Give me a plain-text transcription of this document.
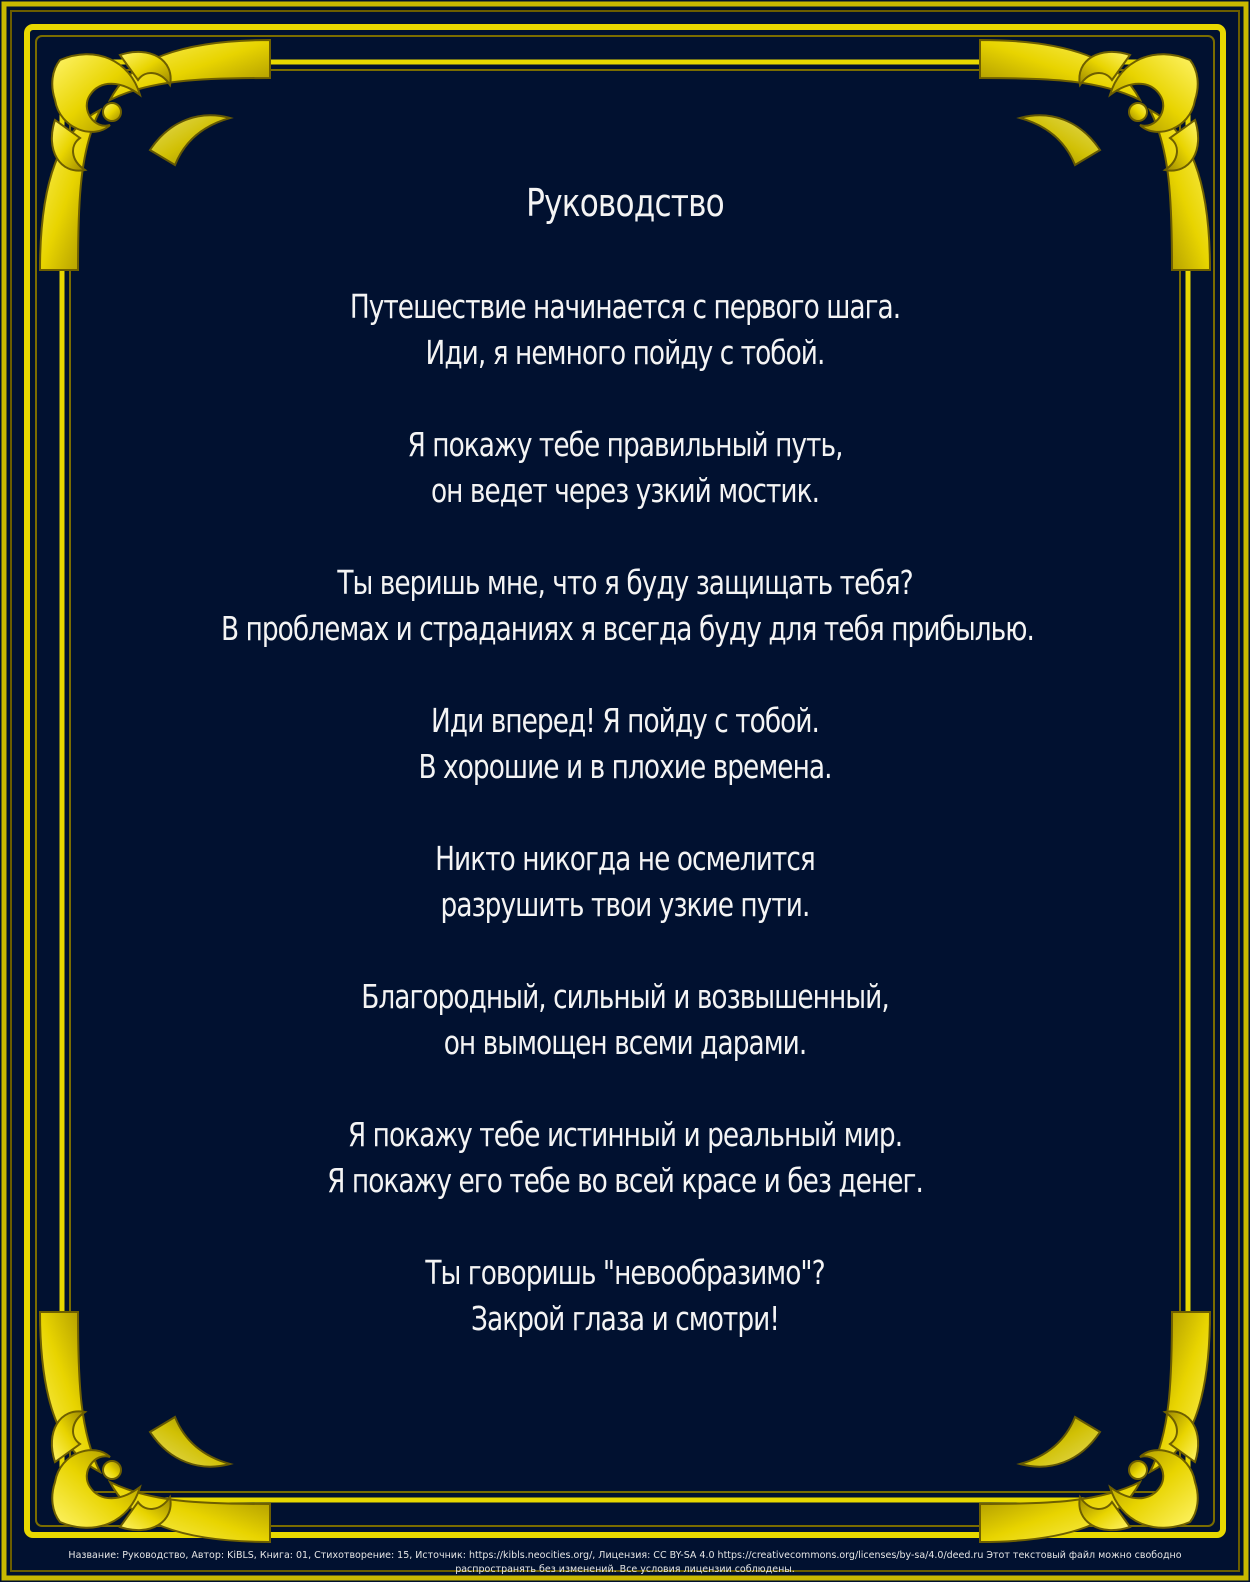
Руководство
Путешествие начинается с первого шага.
Иди, я немного пойду с тобой.
Я покажу тебе правильный путь,
он ведет через узкий мостик.
Ты веришь мне, что я буду защищать тебя?
В проблемах и страданиях я всегда буду для тебя прибылью.
Иди вперед! Я пойду с тобой.
В хорошие и в плохие времена.
Никто никогда не осмелится
разрушить твои узкие пути.
Благородный, сильный и возвышенный,
он вымощен всеми дарами.
Я покажу тебе истинный и реальный мир.
Я покажу его тебе во всей красе и без денег.
Ты говоришь "невообразимо"?
Закрой глаза и смотри!
Название: Руководство, Автор: KiBLS, Книга: 01, Стихотворение: 15, Источник: https://kibls.neocities.org/, Лицензия: CC BY-SA 4.0 https://creativecommons.org/licenses/by-sa/4.0/deed.ru Этот текстовый файл можно свободно
распространять без изменений. Все условия лицензии соблюдены.
